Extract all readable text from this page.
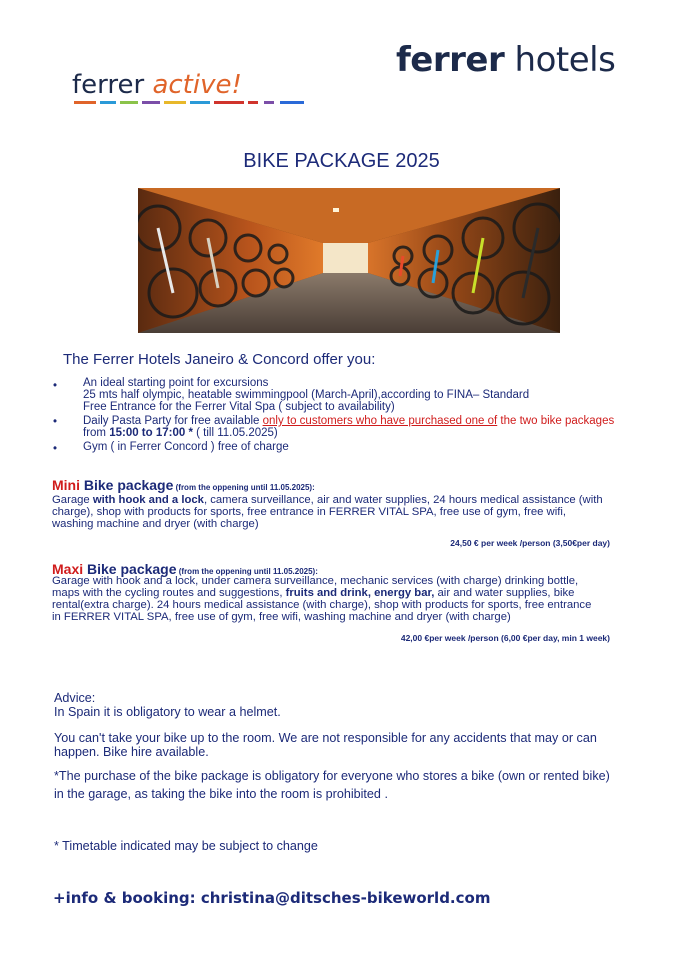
ferrer hotels
ferrer active!
BIKE PACKAGE 2025
The Ferrer Hotels Janeiro & Concord offer you:
•	An ideal starting point for excursions
25 mts half olympic, heatable swimmingpool (March-April),according to FINA– Standard
Free Entrance for the Ferrer Vital Spa ( subject to availability)
•	Daily Pasta Party for free available only to customers who have purchased one of the two bike packages
from 15:00 to 17:00 * ( till 11.05.2025)
•	Gym ( in Ferrer Concord ) free of charge
Mini Bike package (from the oppening until 11.05.2025):
Garage with hook and a lock, camera surveillance, air and water supplies, 24 hours medical assistance (with
charge), shop with products for sports, free entrance in FERRER VITAL SPA, free use of gym, free wifi,
washing machine and dryer (with charge)
24,50 € per week /person (3,50€per day)
Maxi Bike package (from the oppening until 11.05.2025):
Garage with hook and a lock, under camera surveillance, mechanic services (with charge) drinking bottle,
maps with the cycling routes and suggestions, fruits and drink, energy bar, air and water supplies, bike
rental(extra charge). 24 hours medical assistance (with charge), shop with products for sports, free entrance
in FERRER VITAL SPA, free use of gym, free wifi, washing machine and dryer (with charge)
42,00 €per week /person (6,00 €per day, min 1 week)
Advice:
In Spain it is obligatory to wear a helmet.
You can't take your bike up to the room. We are not responsible for any accidents that may or can
happen. Bike hire available.
*The purchase of the bike package is obligatory for everyone who stores a bike (own or rented bike)
in the garage, as taking the bike into the room is prohibited .
* Timetable indicated may be subject to change
+info & booking: christina@ditsches-bikeworld.com
